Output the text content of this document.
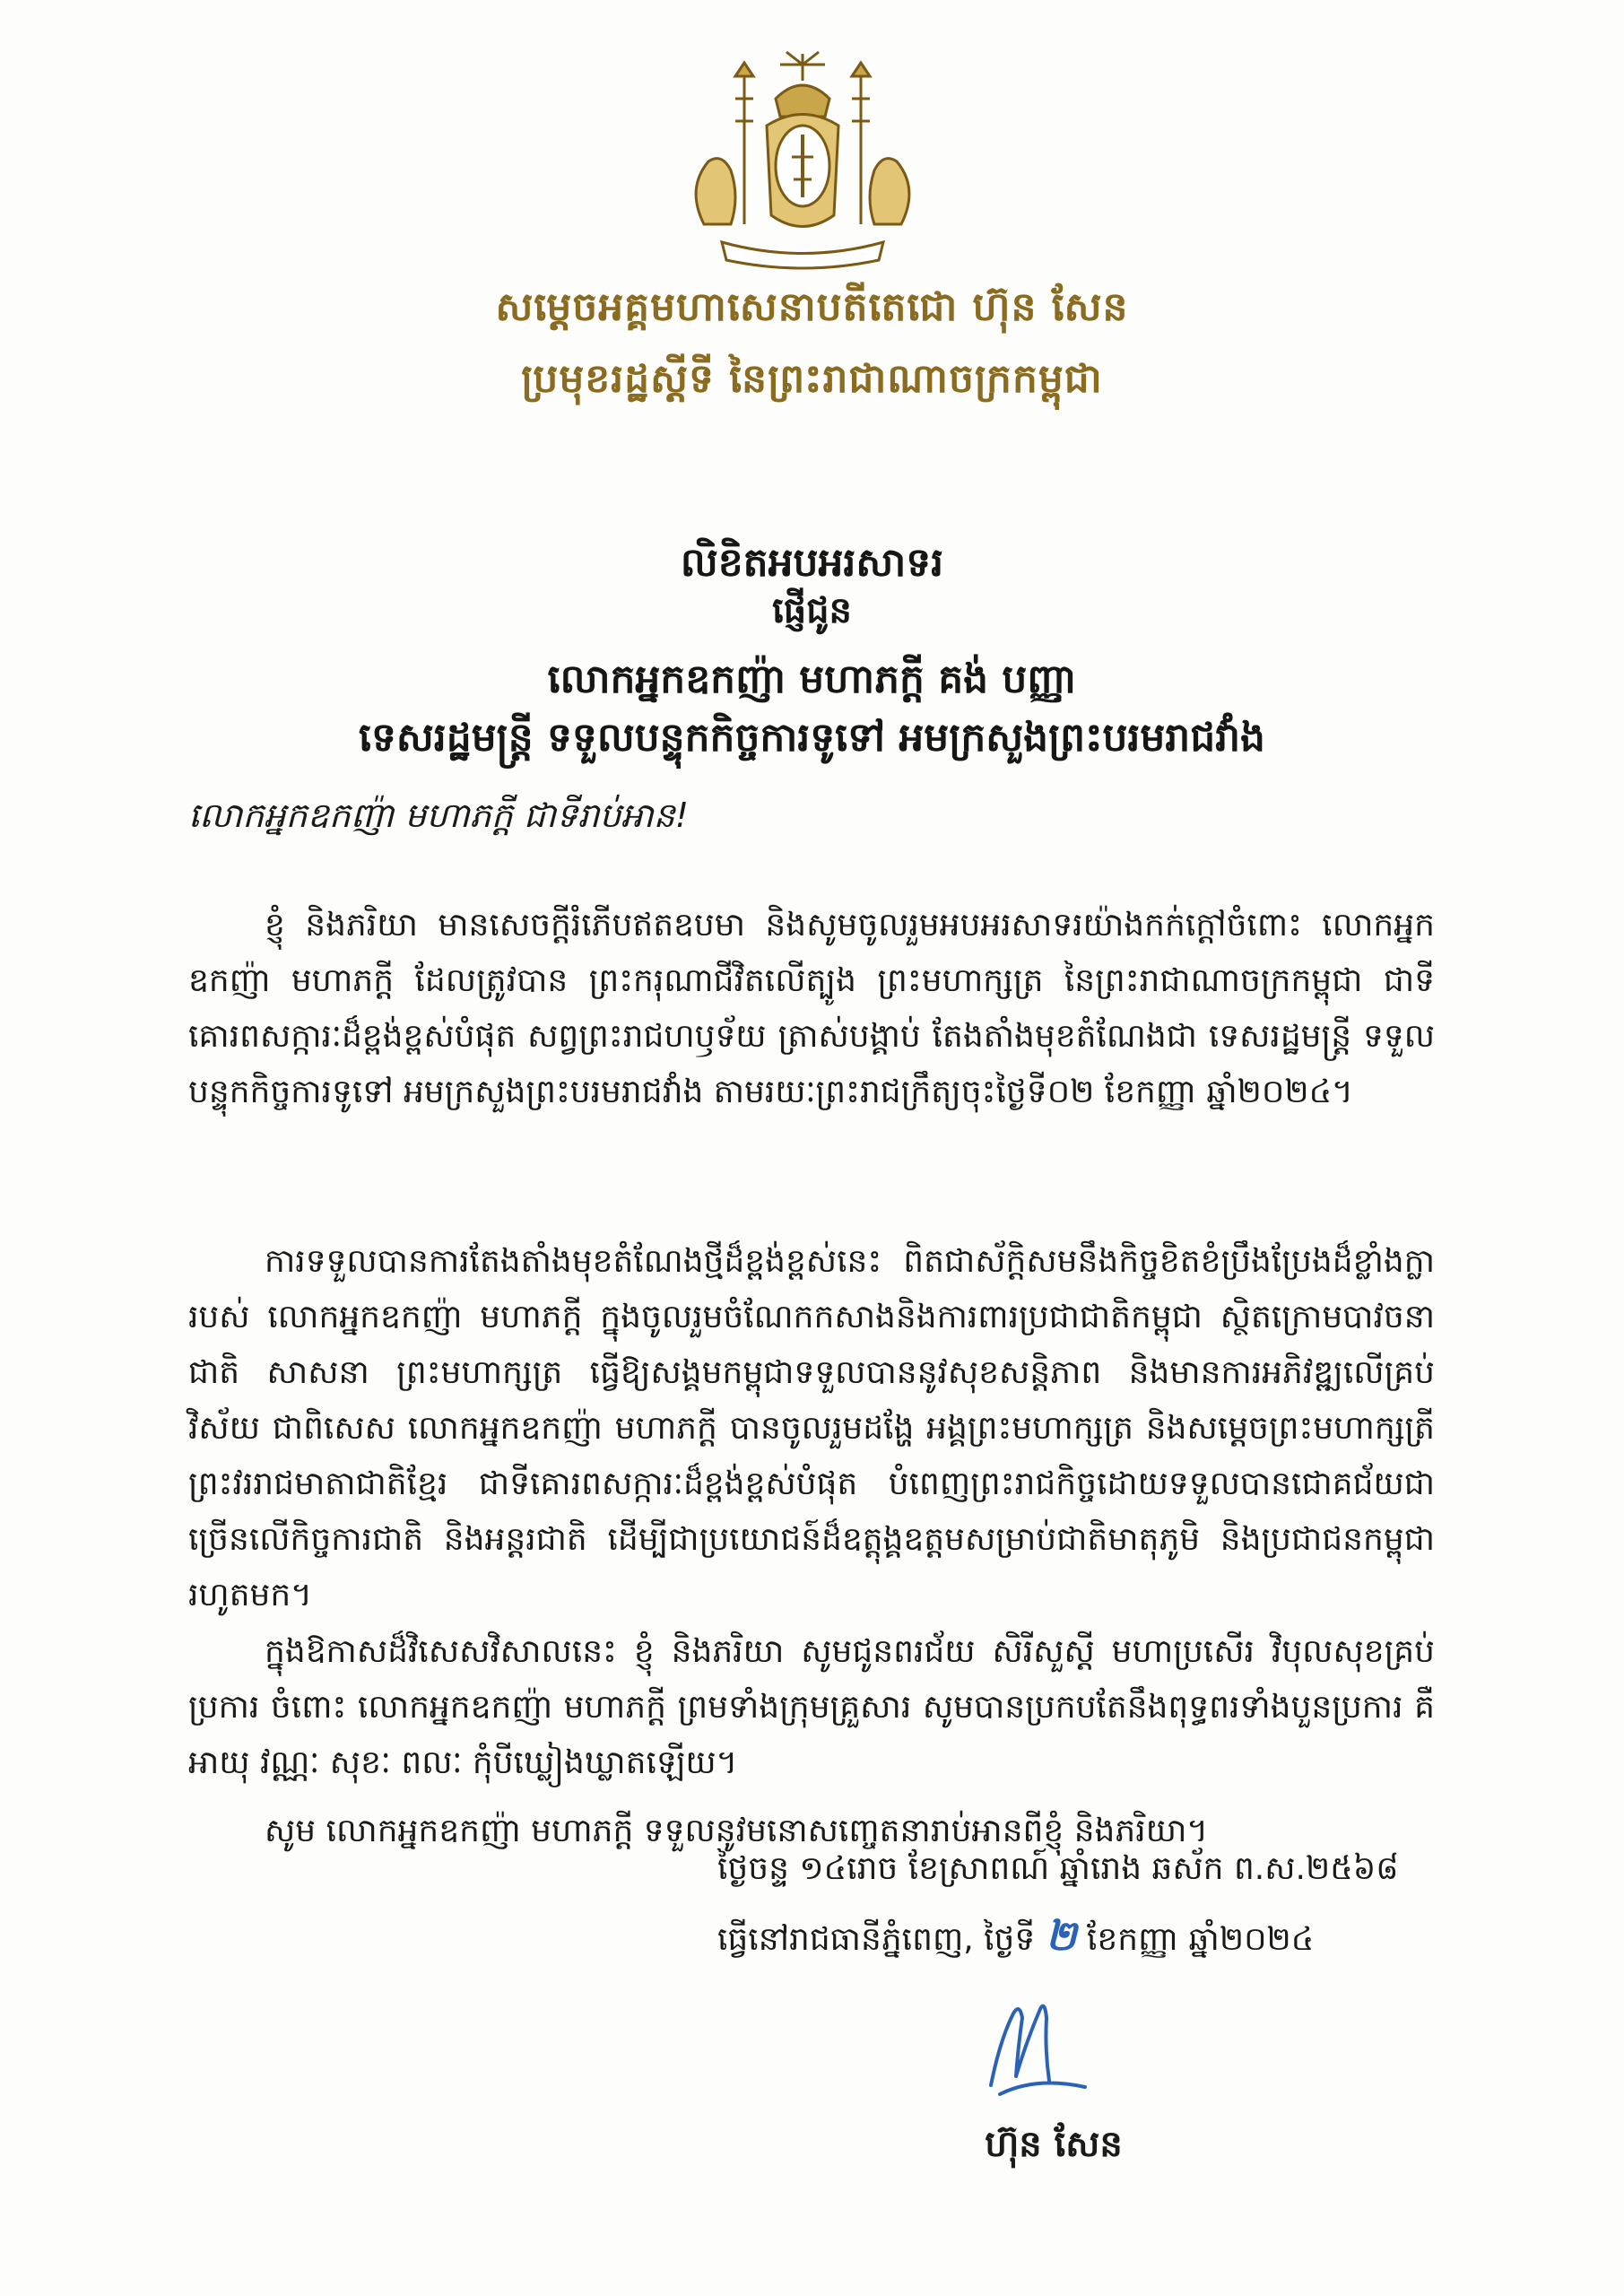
សម្តេចអគ្គមហាសេនាបតីតេជោ ហ៊ុន សែន
ប្រមុខរដ្ឋស្តីទី នៃព្រះរាជាណាចក្រកម្ពុជា
លិខិតអបអរសាទរ
ផ្ញើជូន
លោកអ្នកឧកញ៉ា មហាភក្ដី គង់ បញ្ញា
ទេសរដ្ឋមន្ត្រី ទទួលបន្ទុកកិច្ចការទូទៅ អមក្រសួងព្រះបរមរាជវាំង
លោកអ្នកឧកញ៉ា មហាភក្ដី ជាទីរាប់អាន!

ខ្ញុំ និងភរិយា មានសេចក្ដីរំភើបឥតឧបមា និងសូមចូលរួមអបអរសាទរយ៉ាងកក់ក្ដៅចំពោះ លោកអ្នកឧកញ៉ា មហាភក្ដី ដែលត្រូវបាន ព្រះករុណាជីវិតលើត្បូង ព្រះមហាក្សត្រ នៃព្រះរាជាណាចក្រកម្ពុជា ជាទីគោរពសក្ការៈដ៏ខ្ពង់ខ្ពស់បំផុត សព្វព្រះរាជហឫទ័យ ត្រាស់បង្គាប់ តែងតាំងមុខតំណែងជា ទេសរដ្ឋមន្ត្រី ទទួលបន្ទុកកិច្ចការទូទៅ អមក្រសួងព្រះបរមរាជវាំង តាមរយៈព្រះរាជក្រឹត្យចុះថ្ងៃទី០២ ខែកញ្ញា ឆ្នាំ២០២៤។

ការទទួលបានការតែងតាំងមុខតំណែងថ្មីដ៏ខ្ពង់ខ្ពស់នេះ ពិតជាស័ក្ដិសមនឹងកិច្ចខិតខំប្រឹងប្រែងដ៏ខ្លាំងក្លារបស់ លោកអ្នកឧកញ៉ា មហាភក្ដី ក្នុងចូលរួមចំណែកកសាងនិងការពារប្រជាជាតិកម្ពុជា ស្ថិតក្រោមបាវចនា ជាតិ សាសនា ព្រះមហាក្សត្រ ធ្វើឱ្យសង្គមកម្ពុជាទទួលបាននូវសុខសន្តិភាព និងមានការអភិវឌ្ឍលើគ្រប់វិស័យ ជាពិសេស លោកអ្នកឧកញ៉ា មហាភក្ដី បានចូលរួមដង្ហែ អង្គព្រះមហាក្សត្រ និងសម្ដេចព្រះមហាក្សត្រី ព្រះវររាជមាតាជាតិខ្មែរ ជាទីគោរពសក្ការៈដ៏ខ្ពង់ខ្ពស់បំផុត បំពេញព្រះរាជកិច្ចដោយទទួលបានជោគជ័យជាច្រើនលើកិច្ចការជាតិ និងអន្តរជាតិ ដើម្បីជាប្រយោជន៍ដ៏ឧត្តុង្គឧត្តមសម្រាប់ជាតិមាតុភូមិ និងប្រជាជនកម្ពុជារហូតមក។

ក្នុងឱកាសដ៏វិសេសវិសាលនេះ ខ្ញុំ និងភរិយា សូមជូនពរជ័យ សិរីសួស្ដី មហាប្រសើរ វិបុលសុខគ្រប់ប្រការ ចំពោះ លោកអ្នកឧកញ៉ា មហាភក្ដី ព្រមទាំងក្រុមគ្រួសារ សូមបានប្រកបតែនឹងពុទ្ធពរទាំងបួនប្រការ គឺ អាយុ វណ្ណៈ សុខៈ ពលៈ កុំបីឃ្លៀងឃ្លាតឡើយ។

សូម លោកអ្នកឧកញ៉ា មហាភក្ដី ទទួលនូវមនោសញ្ចេតនារាប់អានពីខ្ញុំ និងភរិយា។

ថ្ងៃចន្ទ ១៤រោច ខែស្រាពណ៍ ឆ្នាំរោង ឆស័ក ព.ស.២៥៦៨
ធ្វើនៅរាជធានីភ្នំពេញ, ថ្ងៃទី ២ ខែកញ្ញា ឆ្នាំ២០២៤
ហ៊ុន សែន
